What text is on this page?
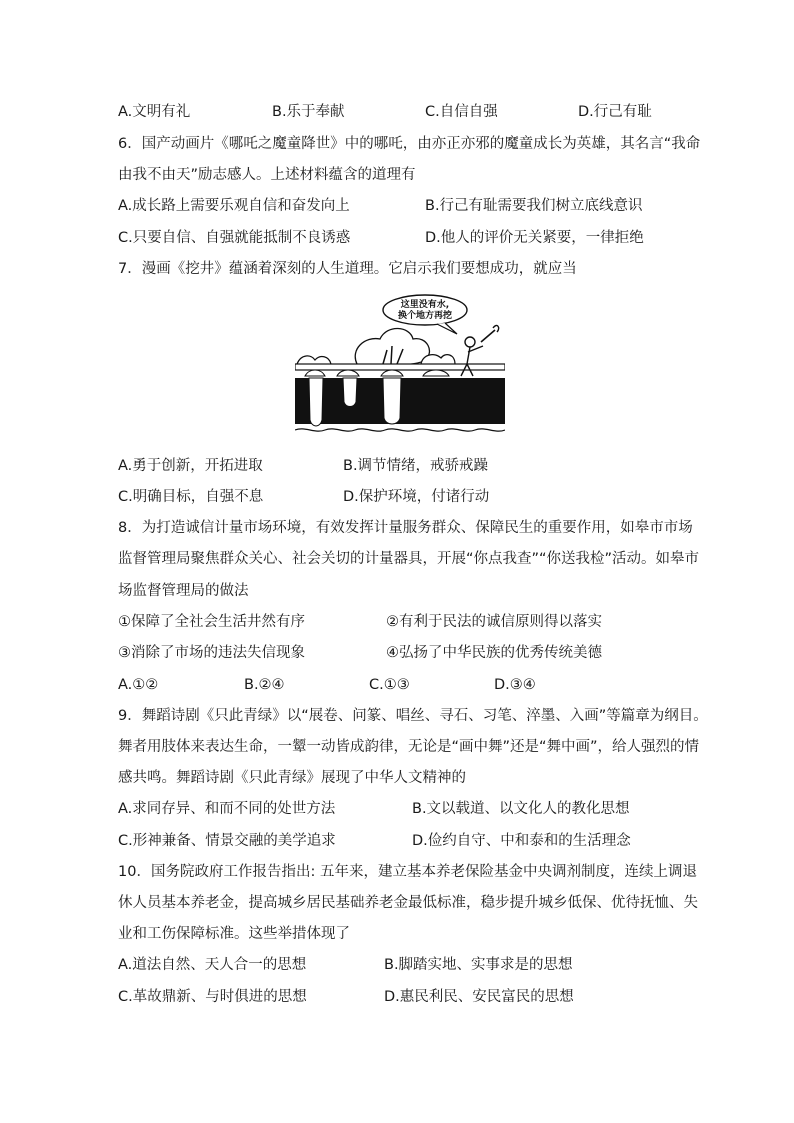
A.文明有礼	B.乐于奉献	C.自信自强	D.行己有耻
6．国产动画片《哪吒之魔童降世》中的哪吒，由亦正亦邪的魔童成长为英雄，其名言“我命
由我不由天”励志感人。上述材料蕴含的道理有
A.成长路上需要乐观自信和奋发向上	B.行己有耻需要我们树立底线意识
C.只要自信、自强就能抵制不良诱惑	D.他人的评价无关紧要，一律拒绝
7．漫画《挖井》蕴涵着深刻的人生道理。它启示我们要想成功，就应当
这里没有水,
换个地方再挖
A.勇于创新，开拓进取	B.调节情绪，戒骄戒躁
C.明确目标，自强不息	D.保护环境，付诸行动
8．为打造诚信计量市场环境，有效发挥计量服务群众、保障民生的重要作用，如皋市市场
监督管理局聚焦群众关心、社会关切的计量器具，开展“你点我查”“你送我检”活动。如皋市
场监督管理局的做法
①保障了全社会生活井然有序	②有利于民法的诚信原则得以落实
③消除了市场的违法失信现象	④弘扬了中华民族的优秀传统美德
A.①②	B.②④	C.①③	D.③④
9．舞蹈诗剧《只此青绿》以“展卷、问篆、唱丝、寻石、习笔、淬墨、入画”等篇章为纲目。
舞者用肢体来表达生命，一颦一动皆成韵律，无论是“画中舞”还是“舞中画”，给人强烈的情
感共鸣。舞蹈诗剧《只此青绿》展现了中华人文精神的
A.求同存异、和而不同的处世方法	B.文以载道、以文化人的教化思想
C.形神兼备、情景交融的美学追求	D.俭约自守、中和泰和的生活理念
10．国务院政府工作报告指出: 五年来，建立基本养老保险基金中央调剂制度，连续上调退
休人员基本养老金，提高城乡居民基础养老金最低标准，稳步提升城乡低保、优待抚恤、失
业和工伤保障标准。这些举措体现了
A.道法自然、天人合一的思想	B.脚踏实地、实事求是的思想
C.革故鼎新、与时俱进的思想	D.惠民利民、安民富民的思想
